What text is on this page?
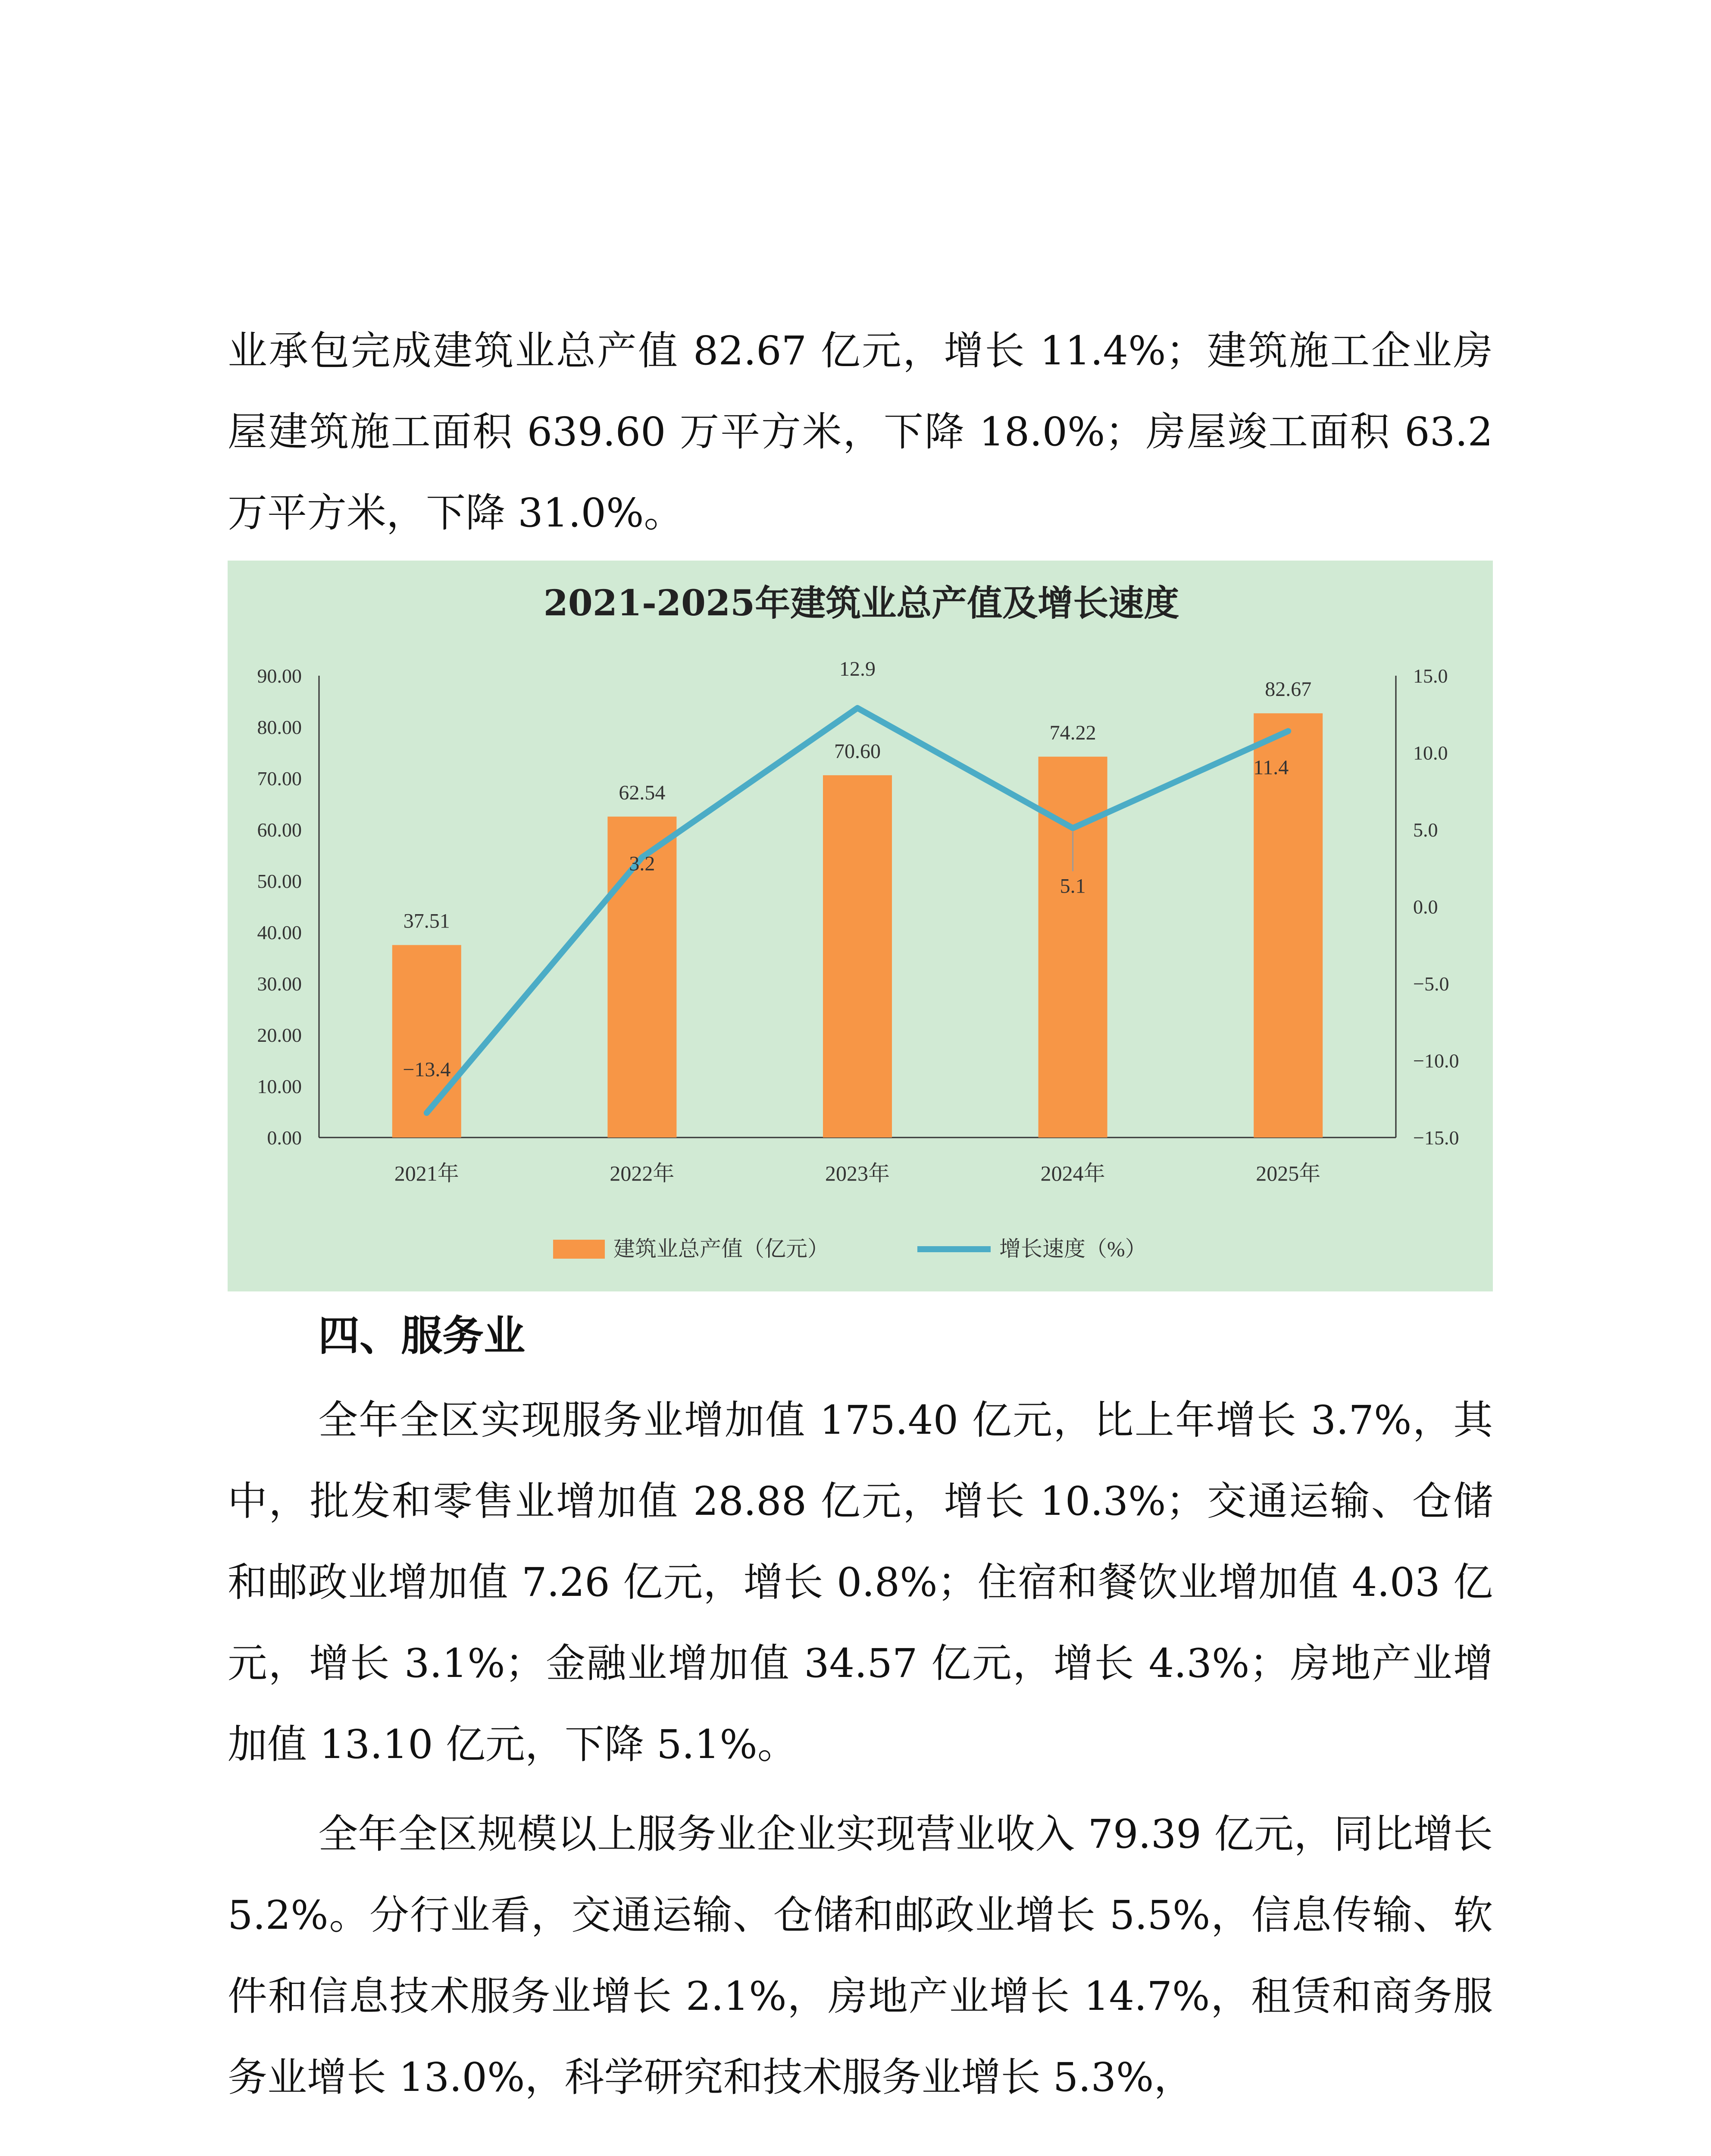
业承包完成建筑业总产值 82.67 亿元，增长 11.4%；建筑施工企业房屋建筑施工面积 639.60 万平方米，下降 18.0%；房屋竣工面积 63.2 万平方米，下降 31.0%。

2021-2025年建筑业总产值及增长速度
0.00
10.00
20.00
30.00
40.00
50.00
60.00
70.00
80.00
90.00
−15.0
−10.0
−5.0
0.0
5.0
10.0
15.0
2021年
37.51
2022年
62.54
2023年
70.60
2024年
74.22
2025年
82.67
−13.4
3.2
12.9
5.1
11.4
建筑业总产值（亿元）	增长速度（%）
四、服务业

全年全区实现服务业增加值 175.40 亿元，比上年增长 3.7%，其中，批发和零售业增加值 28.88 亿元，增长 10.3%；交通运输、仓储和邮政业增加值 7.26 亿元，增长 0.8%；住宿和餐饮业增加值 4.03 亿元，增长 3.1%；金融业增加值 34.57 亿元，增长 4.3%；房地产业增加值 13.10 亿元，下降 5.1%。

全年全区规模以上服务业企业实现营业收入 79.39 亿元，同比增长 5.2%。分行业看，交通运输、仓储和邮政业增长 5.5%，信息传输、软件和信息技术服务业增长 2.1%，房地产业增长 14.7%，租赁和商务服务业增长 13.0%，科学研究和技术服务业增长 5.3%，
